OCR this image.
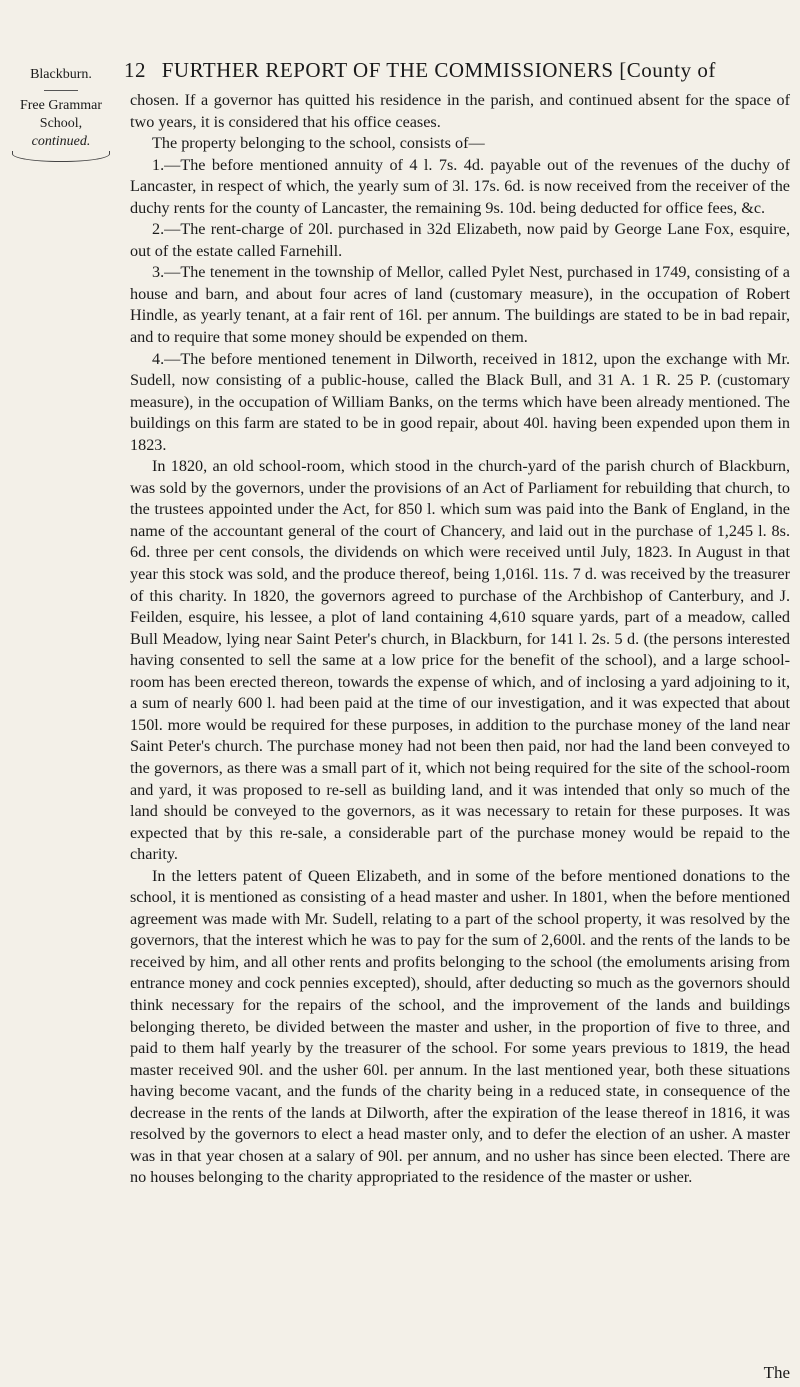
Blackburn.
Free Grammar School,
continued.
12 FURTHER REPORT OF THE COMMISSIONERS [County of

chosen. If a governor has quitted his residence in the parish, and continued absent for the space of two years, it is considered that his office ceases.

The property belonging to the school, consists of—

1.—The before mentioned annuity of 4 l. 7s. 4d. payable out of the revenues of the duchy of Lancaster, in respect of which, the yearly sum of 3l. 17s. 6d. is now received from the receiver of the duchy rents for the county of Lancaster, the remaining 9s. 10d. being deducted for office fees, &c.

2.—The rent-charge of 20l. purchased in 32d Elizabeth, now paid by George Lane Fox, esquire, out of the estate called Farnehill.

3.—The tenement in the township of Mellor, called Pylet Nest, purchased in 1749, consisting of a house and barn, and about four acres of land (customary measure), in the occupation of Robert Hindle, as yearly tenant, at a fair rent of 16l. per annum. The buildings are stated to be in bad repair, and to require that some money should be expended on them.

4.—The before mentioned tenement in Dilworth, received in 1812, upon the exchange with Mr. Sudell, now consisting of a public-house, called the Black Bull, and 31 A. 1 R. 25 P. (customary measure), in the occupation of William Banks, on the terms which have been already mentioned. The buildings on this farm are stated to be in good repair, about 40l. having been expended upon them in 1823.

In 1820, an old school-room, which stood in the church-yard of the parish church of Blackburn, was sold by the governors, under the provisions of an Act of Parliament for rebuilding that church, to the trustees appointed under the Act, for 850 l. which sum was paid into the Bank of England, in the name of the accountant general of the court of Chancery, and laid out in the purchase of 1,245 l. 8s. 6d. three per cent consols, the dividends on which were received until July, 1823. In August in that year this stock was sold, and the produce thereof, being 1,016l. 11s. 7 d. was received by the treasurer of this charity. In 1820, the governors agreed to purchase of the Archbishop of Canterbury, and J. Feilden, esquire, his lessee, a plot of land containing 4,610 square yards, part of a meadow, called Bull Meadow, lying near Saint Peter's church, in Blackburn, for 141 l. 2s. 5 d. (the persons interested having consented to sell the same at a low price for the benefit of the school), and a large school-room has been erected thereon, towards the expense of which, and of inclosing a yard adjoining to it, a sum of nearly 600 l. had been paid at the time of our investigation, and it was expected that about 150l. more would be required for these purposes, in addition to the purchase money of the land near Saint Peter's church. The purchase money had not been then paid, nor had the land been conveyed to the governors, as there was a small part of it, which not being required for the site of the school-room and yard, it was proposed to re-sell as building land, and it was intended that only so much of the land should be conveyed to the governors, as it was necessary to retain for these purposes. It was expected that by this re-sale, a considerable part of the purchase money would be repaid to the charity.

In the letters patent of Queen Elizabeth, and in some of the before mentioned donations to the school, it is mentioned as consisting of a head master and usher. In 1801, when the before mentioned agreement was made with Mr. Sudell, relating to a part of the school property, it was resolved by the governors, that the interest which he was to pay for the sum of 2,600l. and the rents of the lands to be received by him, and all other rents and profits belonging to the school (the emoluments arising from entrance money and cock pennies excepted), should, after deducting so much as the governors should think necessary for the repairs of the school, and the improvement of the lands and buildings belonging thereto, be divided between the master and usher, in the proportion of five to three, and paid to them half yearly by the treasurer of the school. For some years previous to 1819, the head master received 90l. and the usher 60l. per annum. In the last mentioned year, both these situations having become vacant, and the funds of the charity being in a reduced state, in consequence of the decrease in the rents of the lands at Dilworth, after the expiration of the lease thereof in 1816, it was resolved by the governors to elect a head master only, and to defer the election of an usher. A master was in that year chosen at a salary of 90l. per annum, and no usher has since been elected. There are no houses belonging to the charity appropriated to the residence of the master or usher.

The
